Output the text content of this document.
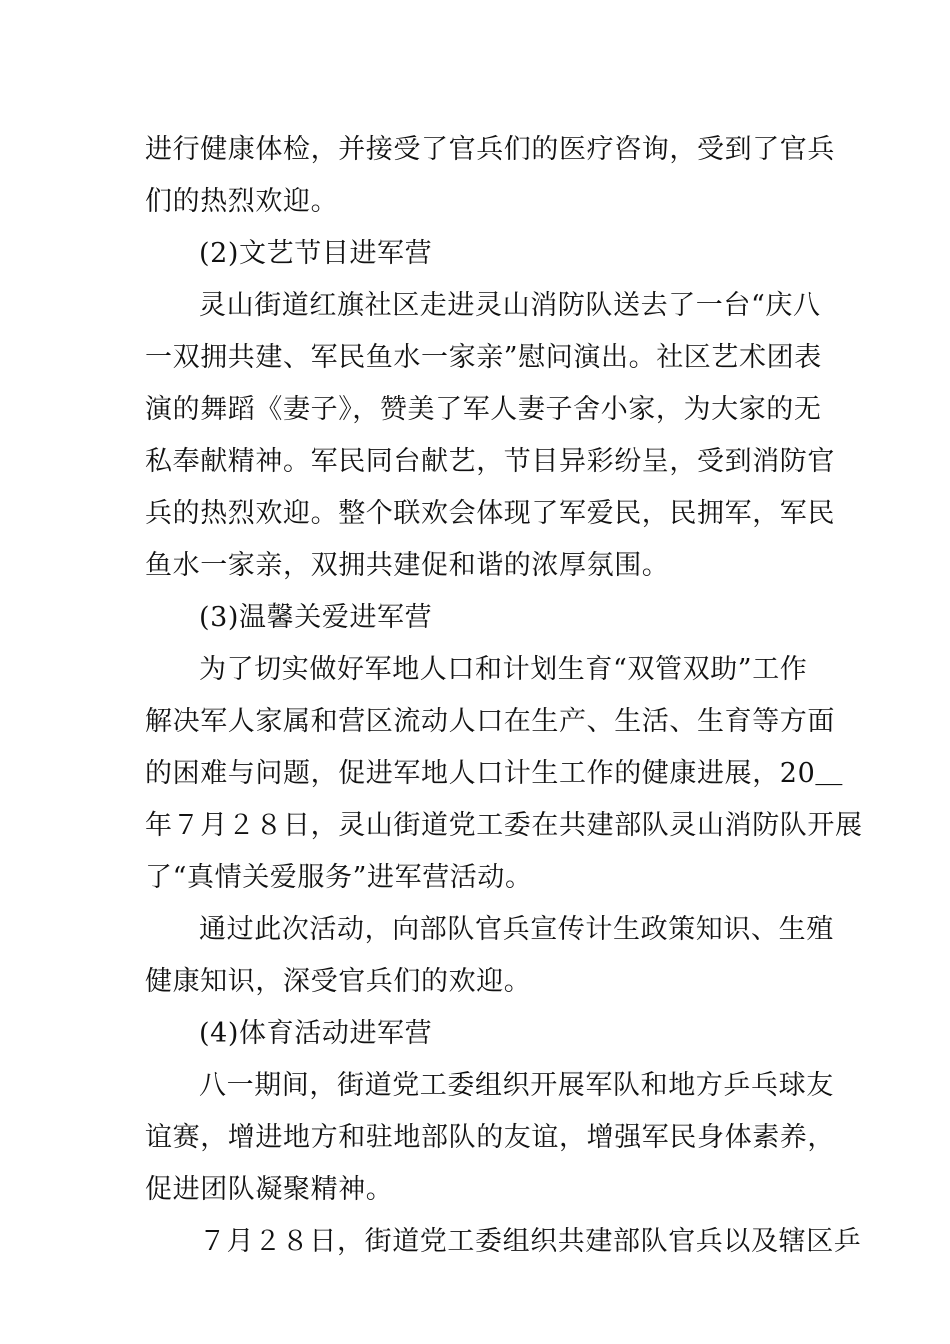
进行健康体检，并接受了官兵们的医疗咨询，受到了官兵
们的热烈欢迎。
(2)文艺节目进军营
灵山街道红旗社区走进灵山消防队送去了一台“庆八
一双拥共建、军民鱼水一家亲”慰问演出。社区艺术团表
演的舞蹈《妻子》，赞美了军人妻子舍小家，为大家的无
私奉献精神。军民同台献艺，节目异彩纷呈，受到消防官
兵的热烈欢迎。整个联欢会体现了军爱民，民拥军，军民
鱼水一家亲，双拥共建促和谐的浓厚氛围。
(3)温馨关爱进军营
为了切实做好军地人口和计划生育“双管双助”工作
解决军人家属和营区流动人口在生产、生活、生育等方面
的困难与问题，促进军地人口计生工作的健康进展，20＿
年７月２８日，灵山街道党工委在共建部队灵山消防队开展
了“真情关爱服务”进军营活动。
通过此次活动，向部队官兵宣传计生政策知识、生殖
健康知识，深受官兵们的欢迎。
(4)体育活动进军营
八一期间，街道党工委组织开展军队和地方乒乓球友
谊赛，增进地方和驻地部队的友谊，增强军民身体素养，
促进团队凝聚精神。
７月２８日，街道党工委组织共建部队官兵以及辖区乒
